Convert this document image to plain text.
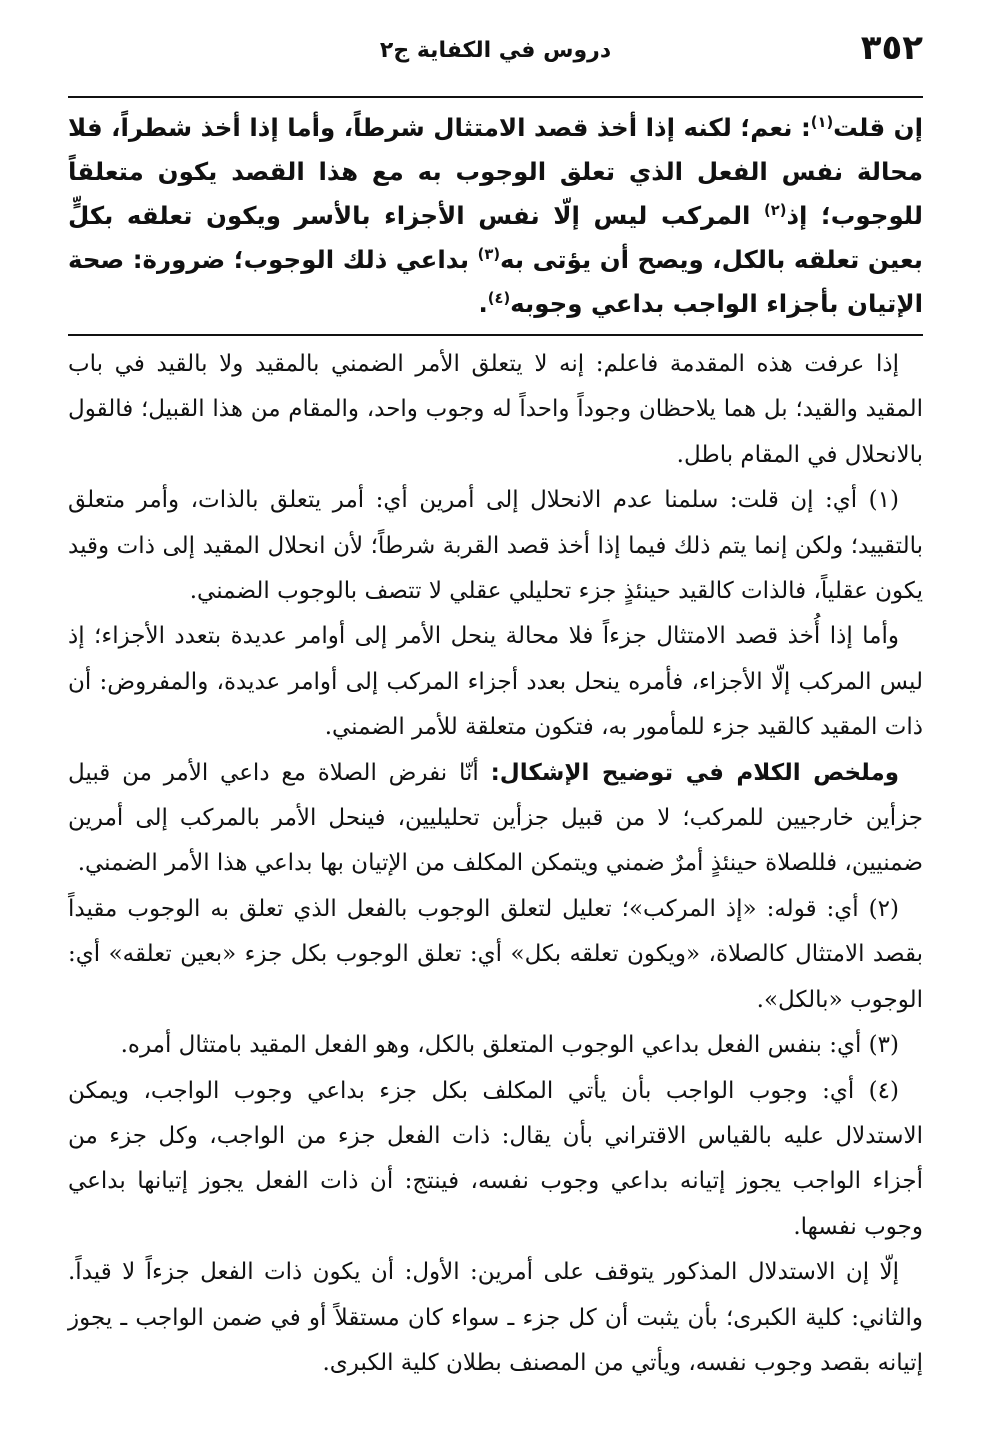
٣٥٢
دروس في الكفاية ج٢
إن قلت$^{(١)}$: نعم؛ لكنه إذا أخذ قصد الامتثال شرطاً، وأما إذا أخذ شطراً، فلا محالة نفس الفعل الذي تعلق الوجوب به مع هذا القصد يكون متعلقاً للوجوب؛ إذ$^{(٢)}$ المركب ليس إلّا نفس الأجزاء بالأسر ويكون تعلقه بكلٍّ بعين تعلقه بالكل، ويصح أن يؤتى به$^{(٣)}$ بداعي ذلك الوجوب؛ ضرورة: صحة الإتيان بأجزاء الواجب بداعي وجوبه$^{(٤)}$.

إذا عرفت هذه المقدمة فاعلم: إنه لا يتعلق الأمر الضمني بالمقيد ولا بالقيد في باب المقيد والقيد؛ بل هما يلاحظان وجوداً واحداً له وجوب واحد، والمقام من هذا القبيل؛ فالقول بالانحلال في المقام باطل.

(١) أي: إن قلت: سلمنا عدم الانحلال إلى أمرين أي: أمر يتعلق بالذات، وأمر متعلق بالتقييد؛ ولكن إنما يتم ذلك فيما إذا أخذ قصد القربة شرطاً؛ لأن انحلال المقيد إلى ذات وقيد يكون عقلياً، فالذات كالقيد حينئذٍ جزء تحليلي عقلي لا تتصف بالوجوب الضمني.

وأما إذا أُخذ قصد الامتثال جزءاً فلا محالة ينحل الأمر إلى أوامر عديدة بتعدد الأجزاء؛ إذ ليس المركب إلّا الأجزاء، فأمره ينحل بعدد أجزاء المركب إلى أوامر عديدة، والمفروض: أن ذات المقيد كالقيد جزء للمأمور به، فتكون متعلقة للأمر الضمني.

وملخص الكلام في توضيح الإشكال: أنّا نفرض الصلاة مع داعي الأمر من قبيل جزأين خارجيين للمركب؛ لا من قبيل جزأين تحليليين، فينحل الأمر بالمركب إلى أمرين ضمنيين، فللصلاة حينئذٍ أمرٌ ضمني ويتمكن المكلف من الإتيان بها بداعي هذا الأمر الضمني.

(٢) أي: قوله: «إذ المركب»؛ تعليل لتعلق الوجوب بالفعل الذي تعلق به الوجوب مقيداً بقصد الامتثال كالصلاة، «ويكون تعلقه بكل» أي: تعلق الوجوب بكل جزء «بعين تعلقه» أي: الوجوب «بالكل».

(٣) أي: بنفس الفعل بداعي الوجوب المتعلق بالكل، وهو الفعل المقيد بامتثال أمره.

(٤) أي: وجوب الواجب بأن يأتي المكلف بكل جزء بداعي وجوب الواجب، ويمكن الاستدلال عليه بالقياس الاقتراني بأن يقال: ذات الفعل جزء من الواجب، وكل جزء من أجزاء الواجب يجوز إتيانه بداعي وجوب نفسه، فينتج: أن ذات الفعل يجوز إتيانها بداعي وجوب نفسها.

إلّا إن الاستدلال المذكور يتوقف على أمرين: الأول: أن يكون ذات الفعل جزءاً لا قيداً. والثاني: كلية الكبرى؛ بأن يثبت أن كل جزء ـ سواء كان مستقلاً أو في ضمن الواجب ـ يجوز إتيانه بقصد وجوب نفسه، ويأتي من المصنف بطلان كلية الكبرى.
